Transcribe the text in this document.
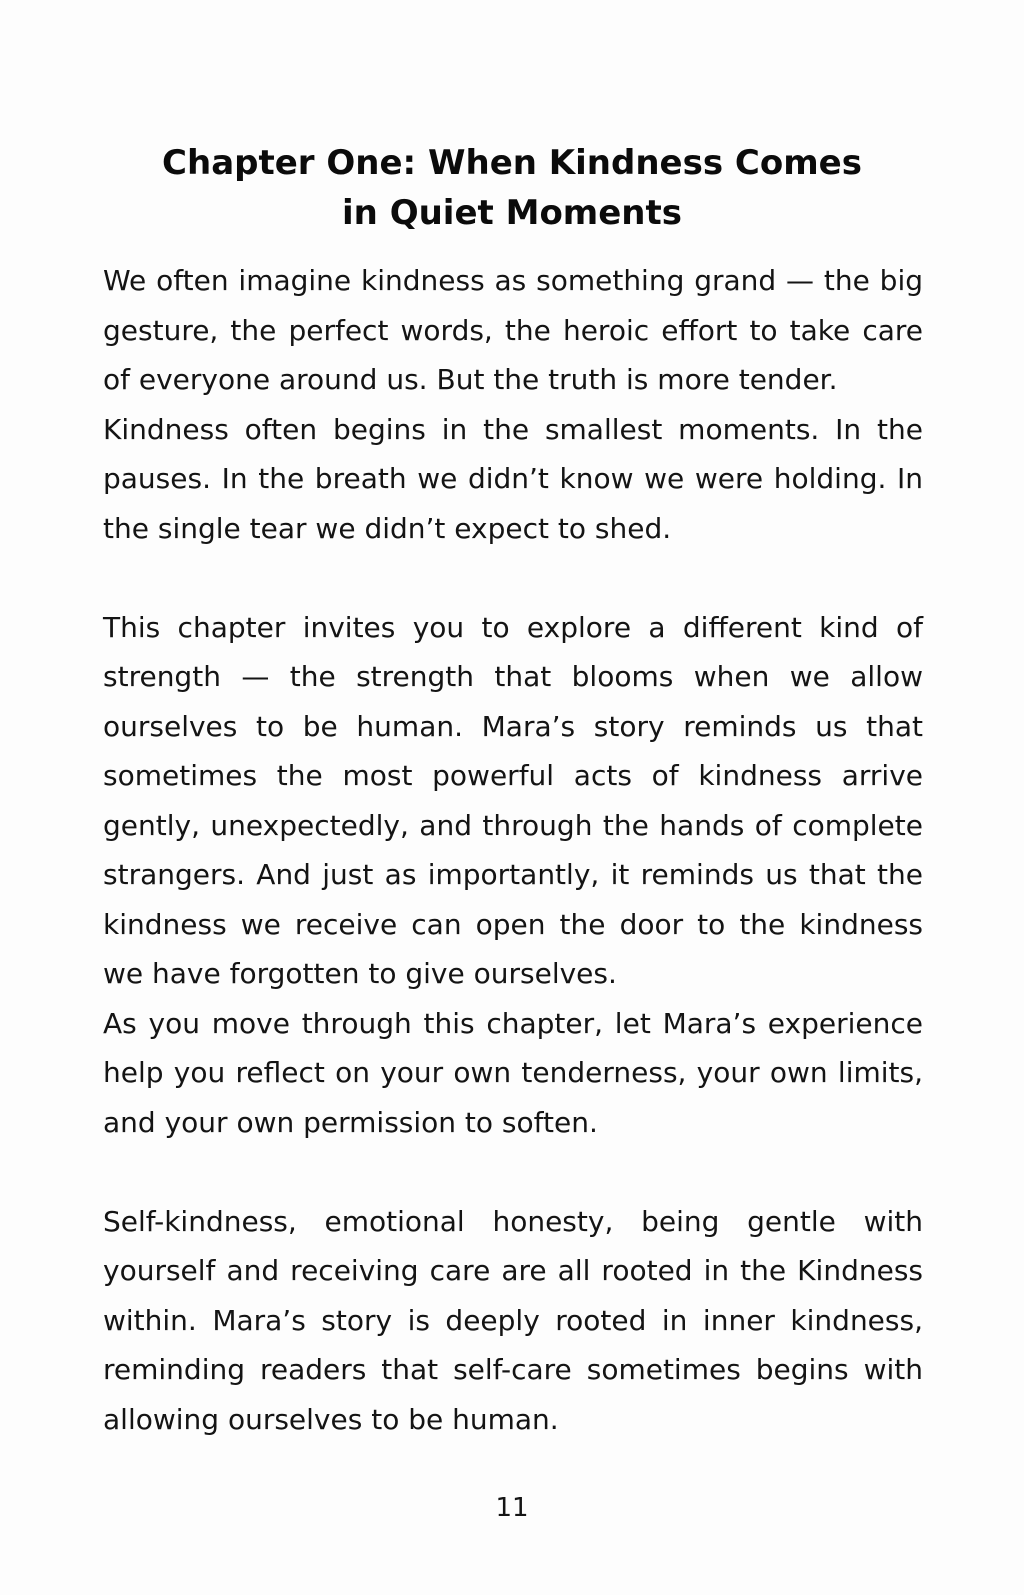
Chapter One: When Kindness Comes
in Quiet Moments

We often imagine kindness as something grand — the big gesture, the perfect words, the heroic effort to take care of everyone around us. But the truth is more tender.

Kindness often begins in the smallest moments. In the pauses. In the breath we didn’t know we were holding. In the single tear we didn’t expect to shed.

This chapter invites you to explore a different kind of strength — the strength that blooms when we allow ourselves to be human. Mara’s story reminds us that sometimes the most powerful acts of kindness arrive gently, unexpectedly, and through the hands of complete strangers. And just as importantly, it reminds us that the kindness we receive can open the door to the kindness we have forgotten to give ourselves.

As you move through this chapter, let Mara’s experience help you reflect on your own tenderness, your own limits, and your own permission to soften.

Self-kindness, emotional honesty, being gentle with yourself and receiving care are all rooted in the Kindness within. Mara’s story is deeply rooted in inner kindness, reminding readers that self-care sometimes begins with allowing ourselves to be human.

11
